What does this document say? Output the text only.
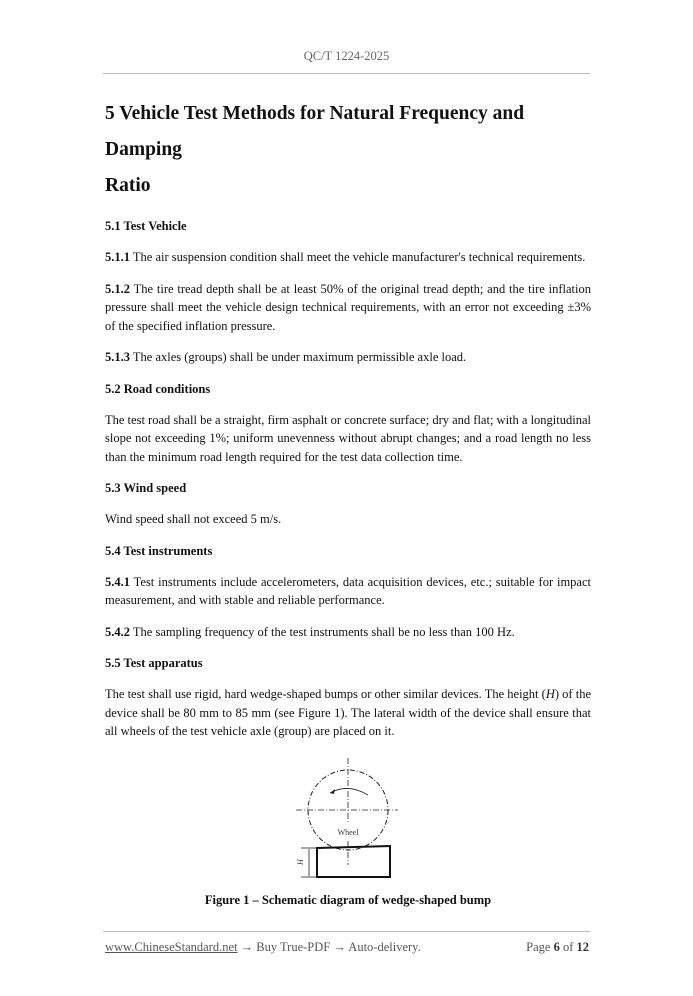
QC/T 1224-2025
5 Vehicle Test Methods for Natural Frequency and Damping
Ratio
5.1 Test Vehicle
5.1.1 The air suspension condition shall meet the vehicle manufacturer's technical requirements.
5.1.2 The tire tread depth shall be at least 50% of the original tread depth; and the tire inflation pressure shall meet the vehicle design technical requirements, with an error not exceeding ±3% of the specified inflation pressure.
5.1.3 The axles (groups) shall be under maximum permissible axle load.
5.2 Road conditions
The test road shall be a straight, firm asphalt or concrete surface; dry and flat; with a longitudinal slope not exceeding 1%; uniform unevenness without abrupt changes; and a road length no less than the minimum road length required for the test data collection time.
5.3 Wind speed
Wind speed shall not exceed 5 m/s.
5.4 Test instruments
5.4.1 Test instruments include accelerometers, data acquisition devices, etc.; suitable for impact measurement, and with stable and reliable performance.
5.4.2 The sampling frequency of the test instruments shall be no less than 100 Hz.
5.5 Test apparatus
The test shall use rigid, hard wedge-shaped bumps or other similar devices. The height (H) of the device shall be 80 mm to 85 mm (see Figure 1). The lateral width of the device shall ensure that all wheels of the test vehicle axle (group) are placed on it.
Wheel
H
Figure 1 – Schematic diagram of wedge-shaped bump
www.ChineseStandard.net → Buy True-PDF → Auto-delivery.	Page 6 of 12
